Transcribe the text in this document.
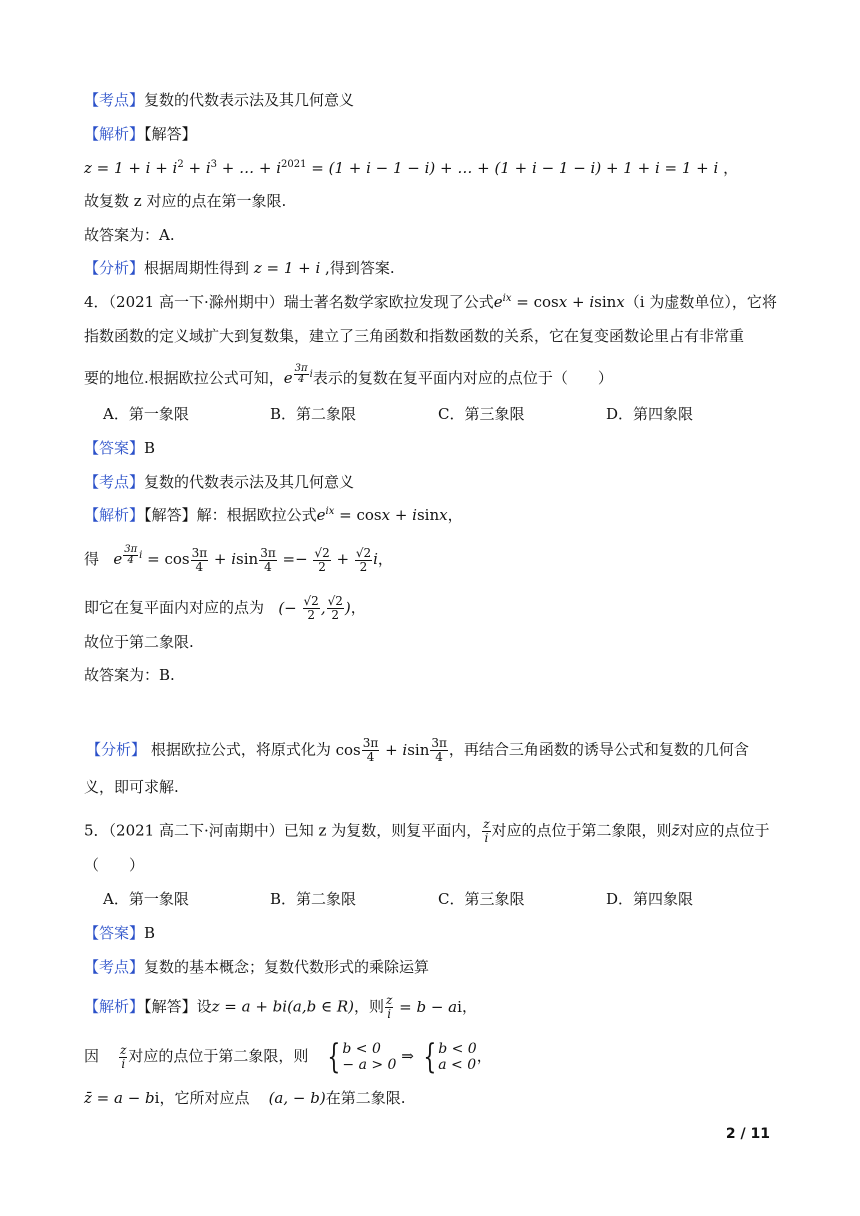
【考点】复数的代数表示法及其几何意义
【解析】【解答】
$z = 1 + i + i^2 + i^3$ + … + $i^{2021} = (1 + i - 1 - i)$ + … + (1 + i − 1 − i) + 1 + i = 1 + i ，
故复数 z 对应的点在第一象限.
故答案为：A.
【分析】根据周期性得到 z = 1 + i ,得到答案.
4．（2021 高一下·滁州期中）瑞士著名数学家欧拉发现了公式$e^{ix} = \cos x + isinx(i$ 为虚数单位），它将
指数函数的定义域扩大到复数集，建立了三角函数和指数函数的关系，它在复变函数论里占有非常重
要的地位.根据欧拉公式可知，e $^{\frac{3\pi}{4} i}$表示的复数在复平面内对应的点位于（　　）
A．第一象限	B．第二象限	C．第三象限	D．第四象限
【答案】B
【考点】复数的代数表示法及其几何意义
【解析】【解答】解：根据欧拉公式$e^{ix} = \cos x + isinx$，
得 e $^{\frac{3\pi}{4} i} = \cos \frac{3\pi}{4} + isin \frac{3\pi}{4} =- \frac{√2}{2} + \frac{√2}{2}$ i，
即它在复平面内对应的点为 (− $\frac{√2}{2}$ , $\frac{√2}{2}$ )，
故位于第二象限.
故答案为：B.
【分析】 根据欧拉公式，将原式化为 $\cos \frac{3\pi}{4} + isin \frac{3\pi}{4}$ ，再结合三角函数的诱导公式和复数的几何含
义，即可求解.
5．（2021 高二下·河南期中）已知 z 为复数，则复平面内， $\frac{z}{i}$ 对应的点位于第二象限，则z̄对应的点位于
（　　）
A．第一象限	B．第二象限	C．第三象限	D．第四象限
【答案】B
【考点】复数的基本概念；复数代数形式的乘除运算
【解析】【解答】设z = a + bi(a,b ∈ R)，则 $\frac{z}{i} = b$ − ai，
因 $\frac{z}{i}$ 对应的点位于第二象限，则 { b < 0
− a > 0 ⇒ { b < 0
a < 0，
z̄ = a − bi，它所对应点 (a, − b)在第二象限.
2 / 11
